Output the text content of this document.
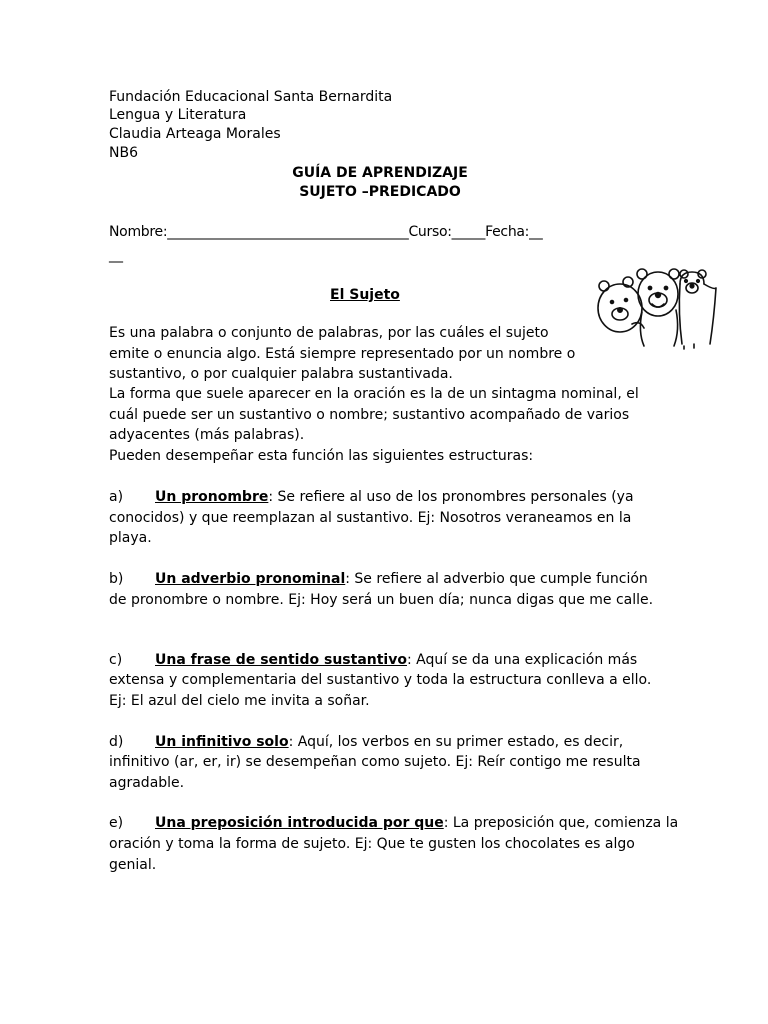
Fundación Educacional Santa Bernardita
Lengua y Literatura
Claudia Arteaga Morales
NB6
GUÍA DE APRENDIZAJE
SUJETO –PREDICADO
Nombre:____________________________________Curso:_____Fecha:__
__
El Sujeto
Es una palabra o conjunto de palabras, por las cuáles el sujeto
emite o enuncia algo. Está siempre representado por un nombre o
sustantivo, o por cualquier palabra sustantivada.
La forma que suele aparecer en la oración es la de un sintagma nominal, el
cuál puede ser un sustantivo o nombre; sustantivo acompañado de varios
adyacentes (más palabras).
Pueden desempeñar esta función las siguientes estructuras:
a) Un pronombre: Se refiere al uso de los pronombres personales (ya
conocidos) y que reemplazan al sustantivo. Ej: Nosotros veraneamos en la
playa.
b) Un adverbio pronominal: Se refiere al adverbio que cumple función
de pronombre o nombre. Ej: Hoy será un buen día; nunca digas que me calle.
c) Una frase de sentido sustantivo: Aquí se da una explicación más
extensa y complementaria del sustantivo y toda la estructura conlleva a ello.
Ej: El azul del cielo me invita a soñar.
d) Un infinitivo solo: Aquí, los verbos en su primer estado, es decir,
infinitivo (ar, er, ir) se desempeñan como sujeto. Ej: Reír contigo me resulta
agradable.
e) Una preposición introducida por que: La preposición que, comienza la
oración y toma la forma de sujeto. Ej: Que te gusten los chocolates es algo
genial.
